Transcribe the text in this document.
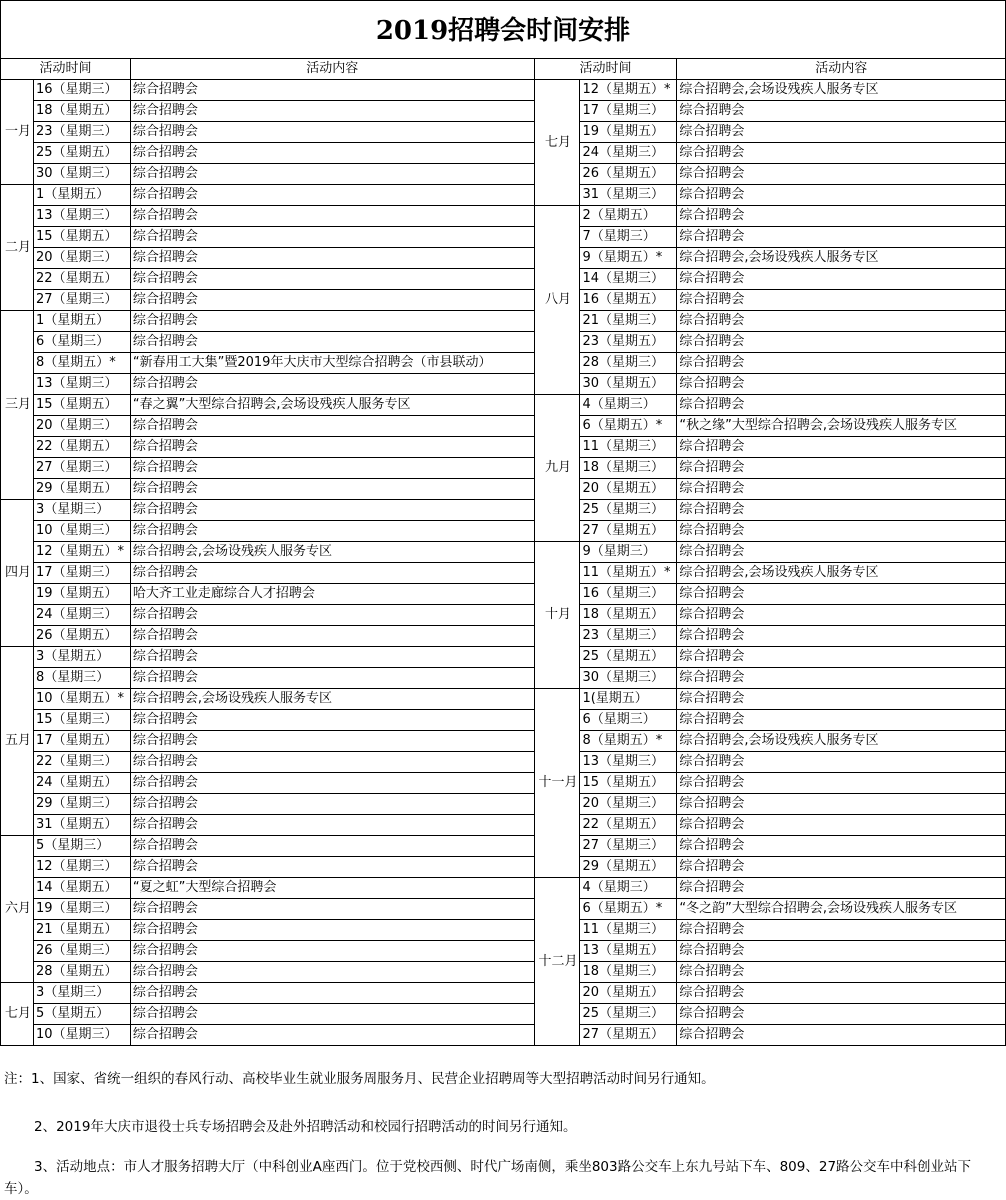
2019招聘会时间安排
活动时间		活动内容	活动时间		活动内容
一月	16（星期三）	综合招聘会	七月	12（星期五）*	综合招聘会,会场设残疾人服务专区
	18（星期五）	综合招聘会		17（星期三）	综合招聘会
	23（星期三）	综合招聘会		19（星期五）	综合招聘会
	25（星期五）	综合招聘会		24（星期三）	综合招聘会
	30（星期三）	综合招聘会		26（星期五）	综合招聘会
二月	1（星期五）	综合招聘会		31（星期三）	综合招聘会
	13（星期三）	综合招聘会	八月	2（星期五）	综合招聘会
	15（星期五）	综合招聘会		7（星期三）	综合招聘会
	20（星期三）	综合招聘会		9（星期五）*	综合招聘会,会场设残疾人服务专区
	22（星期五）	综合招聘会		14（星期三）	综合招聘会
	27（星期三）	综合招聘会		16（星期五）	综合招聘会
三月	1（星期五）	综合招聘会		21（星期三）	综合招聘会
	6（星期三）	综合招聘会		23（星期五）	综合招聘会
	8（星期五）*	“新春用工大集”暨2019年大庆市大型综合招聘会（市县联动）		28（星期三）	综合招聘会
	13（星期三）	综合招聘会		30（星期五）	综合招聘会
	15（星期五）	“春之翼”大型综合招聘会,会场设残疾人服务专区	九月	4（星期三）	综合招聘会
	20（星期三）	综合招聘会		6（星期五）*	“秋之缘”大型综合招聘会,会场设残疾人服务专区
	22（星期五）	综合招聘会		11（星期三）	综合招聘会
	27（星期三）	综合招聘会		18（星期三）	综合招聘会
	29（星期五）	综合招聘会		20（星期五）	综合招聘会
四月	3（星期三）	综合招聘会		25（星期三）	综合招聘会
	10（星期三）	综合招聘会		27（星期五）	综合招聘会
	12（星期五）*	综合招聘会,会场设残疾人服务专区	十月	9（星期三）	综合招聘会
	17（星期三）	综合招聘会		11（星期五）*	综合招聘会,会场设残疾人服务专区
	19（星期五）	哈大齐工业走廊综合人才招聘会		16（星期三）	综合招聘会
	24（星期三）	综合招聘会		18（星期五）	综合招聘会
	26（星期五）	综合招聘会		23（星期三）	综合招聘会
五月	3（星期五）	综合招聘会		25（星期五）	综合招聘会
	8（星期三）	综合招聘会		30（星期三）	综合招聘会
	10（星期五）*	综合招聘会,会场设残疾人服务专区	十一月	1(星期五）	综合招聘会
	15（星期三）	综合招聘会		6（星期三）	综合招聘会
	17（星期五）	综合招聘会		8（星期五）*	综合招聘会,会场设残疾人服务专区
	22（星期三）	综合招聘会		13（星期三）	综合招聘会
	24（星期五）	综合招聘会		15（星期五）	综合招聘会
	29（星期三）	综合招聘会		20（星期三）	综合招聘会
	31（星期五）	综合招聘会		22（星期五）	综合招聘会
六月	5（星期三）	综合招聘会		27（星期三）	综合招聘会
	12（星期三）	综合招聘会		29（星期五）	综合招聘会
	14（星期五）	“夏之虹”大型综合招聘会	十二月	4（星期三）	综合招聘会
	19（星期三）	综合招聘会		6（星期五）*	“冬之韵”大型综合招聘会,会场设残疾人服务专区
	21（星期五）	综合招聘会		11（星期三）	综合招聘会
	26（星期三）	综合招聘会		13（星期五）	综合招聘会
	28（星期五）	综合招聘会		18（星期三）	综合招聘会
七月	3（星期三）	综合招聘会		20（星期五）	综合招聘会
	5（星期五）	综合招聘会		25（星期三）	综合招聘会
	10（星期三）	综合招聘会		27（星期五）	综合招聘会
注：1、国家、省统一组织的春风行动、高校毕业生就业服务周服务月、民营企业招聘周等大型招聘活动时间另行通知。
2、2019年大庆市退役士兵专场招聘会及赴外招聘活动和校园行招聘活动的时间另行通知。
3、活动地点：市人才服务招聘大厅（中科创业A座西门。位于党校西侧、时代广场南侧，乘坐803路公交车上东九号站下车、809、27路公交车中科创业站下车）。
